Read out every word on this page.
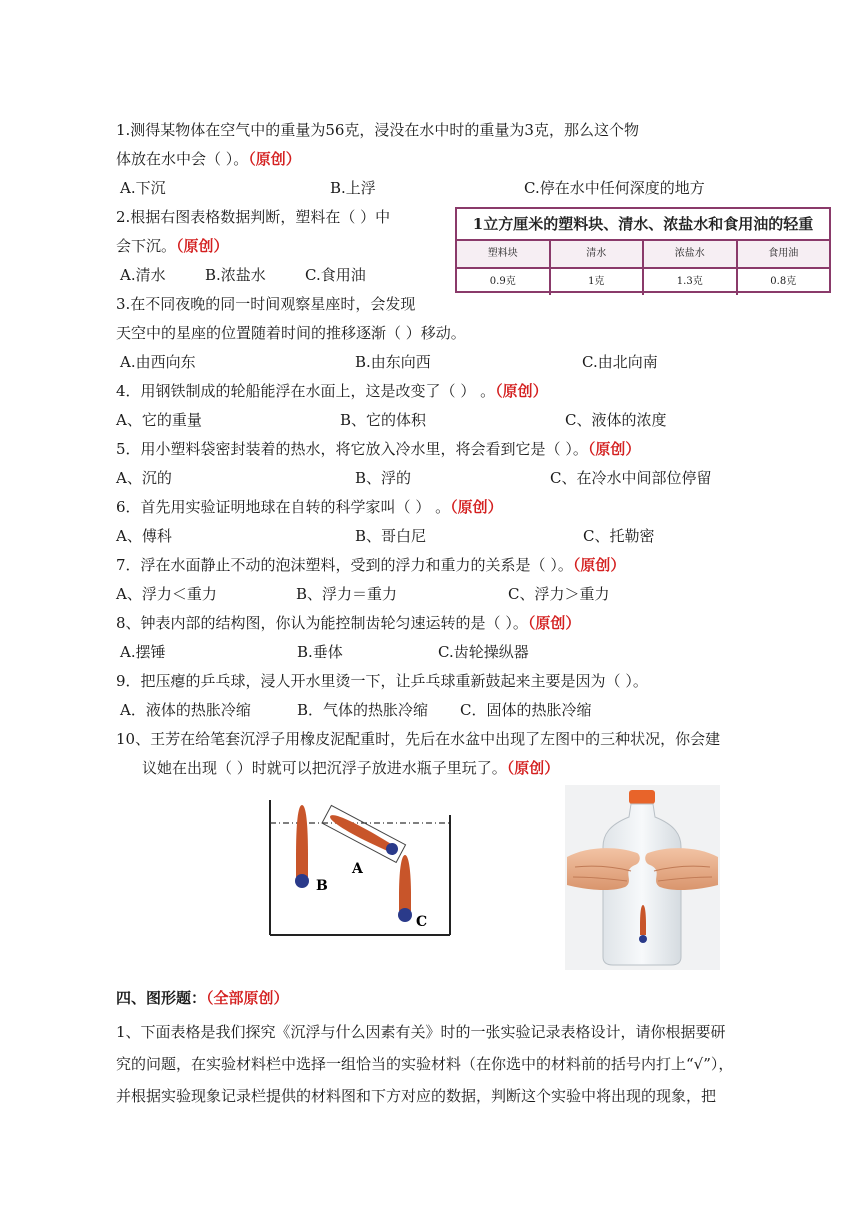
1.测得某物体在空气中的重量为56克，浸没在水中时的重量为3克，那么这个物
体放在水中会（ ）。（原创）
A.下沉	B.上浮	C.停在水中任何深度的地方
2.根据右图表格数据判断，塑料在（ ）中
会下沉。（原创）
A.清水	B.浓盐水	C.食用油
1立方厘米的塑料块、清水、浓盐水和食用油的轻重
塑料块	清水	浓盐水	食用油
0.9克	1克	1.3克	0.8克
3.在不同夜晚的同一时间观察星座时，会发现
天空中的星座的位置随着时间的推移逐渐（ ）移动。
A.由西向东	B.由东向西	C.由北向南
4．用钢铁制成的轮船能浮在水面上，这是改变了（ ） 。（原创）
A、它的重量	B、它的体积	C、液体的浓度
5．用小塑料袋密封装着的热水，将它放入冷水里，将会看到它是（ ）。（原创）
A、沉的	B、浮的	C、在冷水中间部位停留
6．首先用实验证明地球在自转的科学家叫（ ） 。（原创）
A、傅科	B、哥白尼	C、托勒密
7．浮在水面静止不动的泡沫塑料，受到的浮力和重力的关系是（ ）。（原创）
A、浮力＜重力	B、浮力＝重力	C、浮力＞重力
8、钟表内部的结构图，你认为能控制齿轮匀速运转的是（ ）。（原创）
A.摆锤	B.垂体	C.齿轮操纵器
9．把压瘪的乒乓球，浸人开水里烫一下，让乒乓球重新鼓起来主要是因为（ ）。
A．液体的热胀冷缩	B．气体的热胀冷缩 C．固体的热胀冷缩
10、王芳在给笔套沉浮子用橡皮泥配重时，先后在水盆中出现了左图中的三种状况，你会建
议她在出现（ ）时就可以把沉浮子放进水瓶子里玩了。（原创）
A
B
C
四、图形题：（全部原创）
1、下面表格是我们探究《沉浮与什么因素有关》时的一张实验记录表格设计，请你根据要研
究的问题，在实验材料栏中选择一组恰当的实验材料（在你选中的材料前的括号内打上“√”），
并根据实验现象记录栏提供的材料图和下方对应的数据，判断这个实验中将出现的现象，把
